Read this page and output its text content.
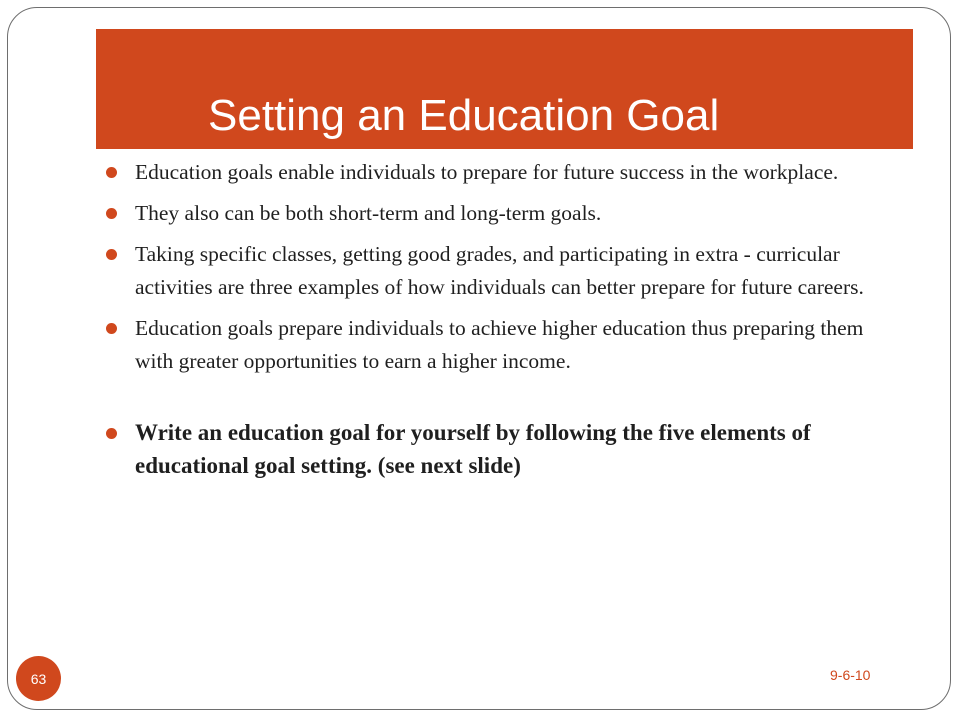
Setting an Education Goal
Education goals enable individuals to prepare for future success in the workplace.
They also can be both short-term and long-term goals.
Taking specific classes, getting good grades, and participating in extra - curricular activities are three examples of how individuals can better prepare for future careers.
Education goals prepare individuals to achieve higher education thus preparing them with greater opportunities to earn a higher income.
Write an education goal for yourself by following the five elements of educational goal setting. (see next slide)
63	9-6-10
